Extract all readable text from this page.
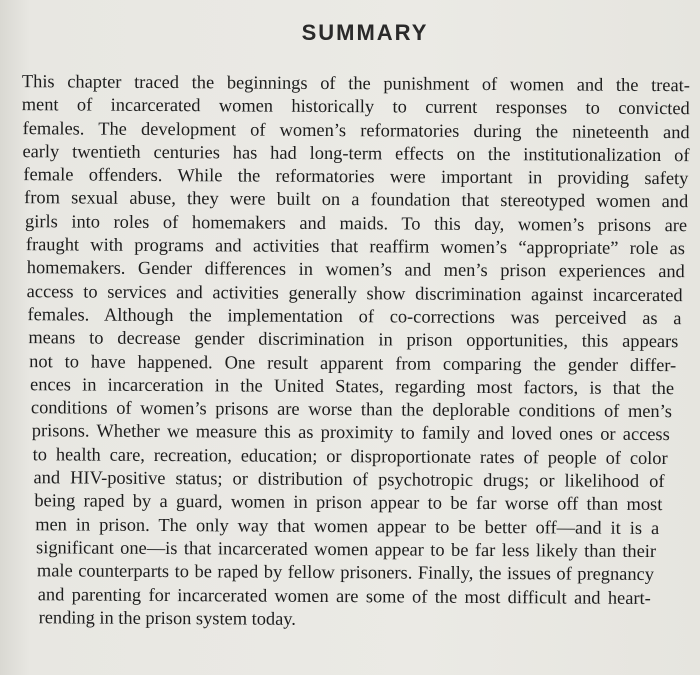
SUMMARY
This chapter traced the beginnings of the punishment of women and the treat-
ment of incarcerated women historically to current responses to convicted
females. The development of women’s reformatories during the nineteenth and
early twentieth centuries has had long-term effects on the institutionalization of
female offenders. While the reformatories were important in providing safety
from sexual abuse, they were built on a foundation that stereotyped women and
girls into roles of homemakers and maids. To this day, women’s prisons are
fraught with programs and activities that reaffirm women’s “appropriate” role as
homemakers. Gender differences in women’s and men’s prison experiences and
access to services and activities generally show discrimination against incarcerated
females. Although the implementation of co-corrections was perceived as a
means to decrease gender discrimination in prison opportunities, this appears
not to have happened. One result apparent from comparing the gender differ-
ences in incarceration in the United States, regarding most factors, is that the
conditions of women’s prisons are worse than the deplorable conditions of men’s
prisons. Whether we measure this as proximity to family and loved ones or access
to health care, recreation, education; or disproportionate rates of people of color
and HIV-positive status; or distribution of psychotropic drugs; or likelihood of
being raped by a guard, women in prison appear to be far worse off than most
men in prison. The only way that women appear to be better off—and it is a
significant one—is that incarcerated women appear to be far less likely than their
male counterparts to be raped by fellow prisoners. Finally, the issues of pregnancy
and parenting for incarcerated women are some of the most difficult and heart-
rending in the prison system today.
